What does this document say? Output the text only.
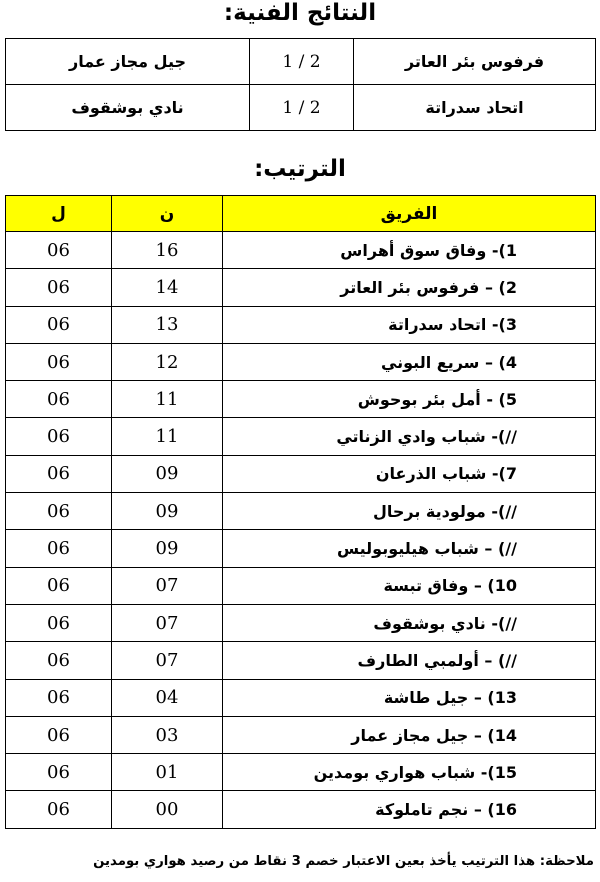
النتائج الفنية:
جيل مجاز عمار	1 / 2	فرفوس بئر العاتر
نادي بوشقوف	1 / 2	اتحاد سدراتة
الترتيب:
ل	ن	الفريق
06	16	1)- وفاق سوق أهراس
06	14	2) – فرفوس بئر العاتر
06	13	3)- اتحاد سدراتة
06	12	4) – سريع البوني
06	11	5) - أمل بئر بوحوش
06	11	//)- شباب وادي الزناتي
06	09	7)- شباب الذرعان
06	09	//)- مولودية برحال
06	09	//) – شباب هيليوبوليس
06	07	10) – وفاق تبسة
06	07	//)- نادي بوشقوف
06	07	//) – أولمبي الطارف
06	04	13) – جيل طاشة
06	03	14) – جيل مجاز عمار
06	01	15)- شباب هواري بومدين
06	00	16) – نجم تاملوكة
ملاحظة: هذا الترتيب يأخذ بعين الاعتبار خصم 3 نقاط من رصيد هواري بومدين
